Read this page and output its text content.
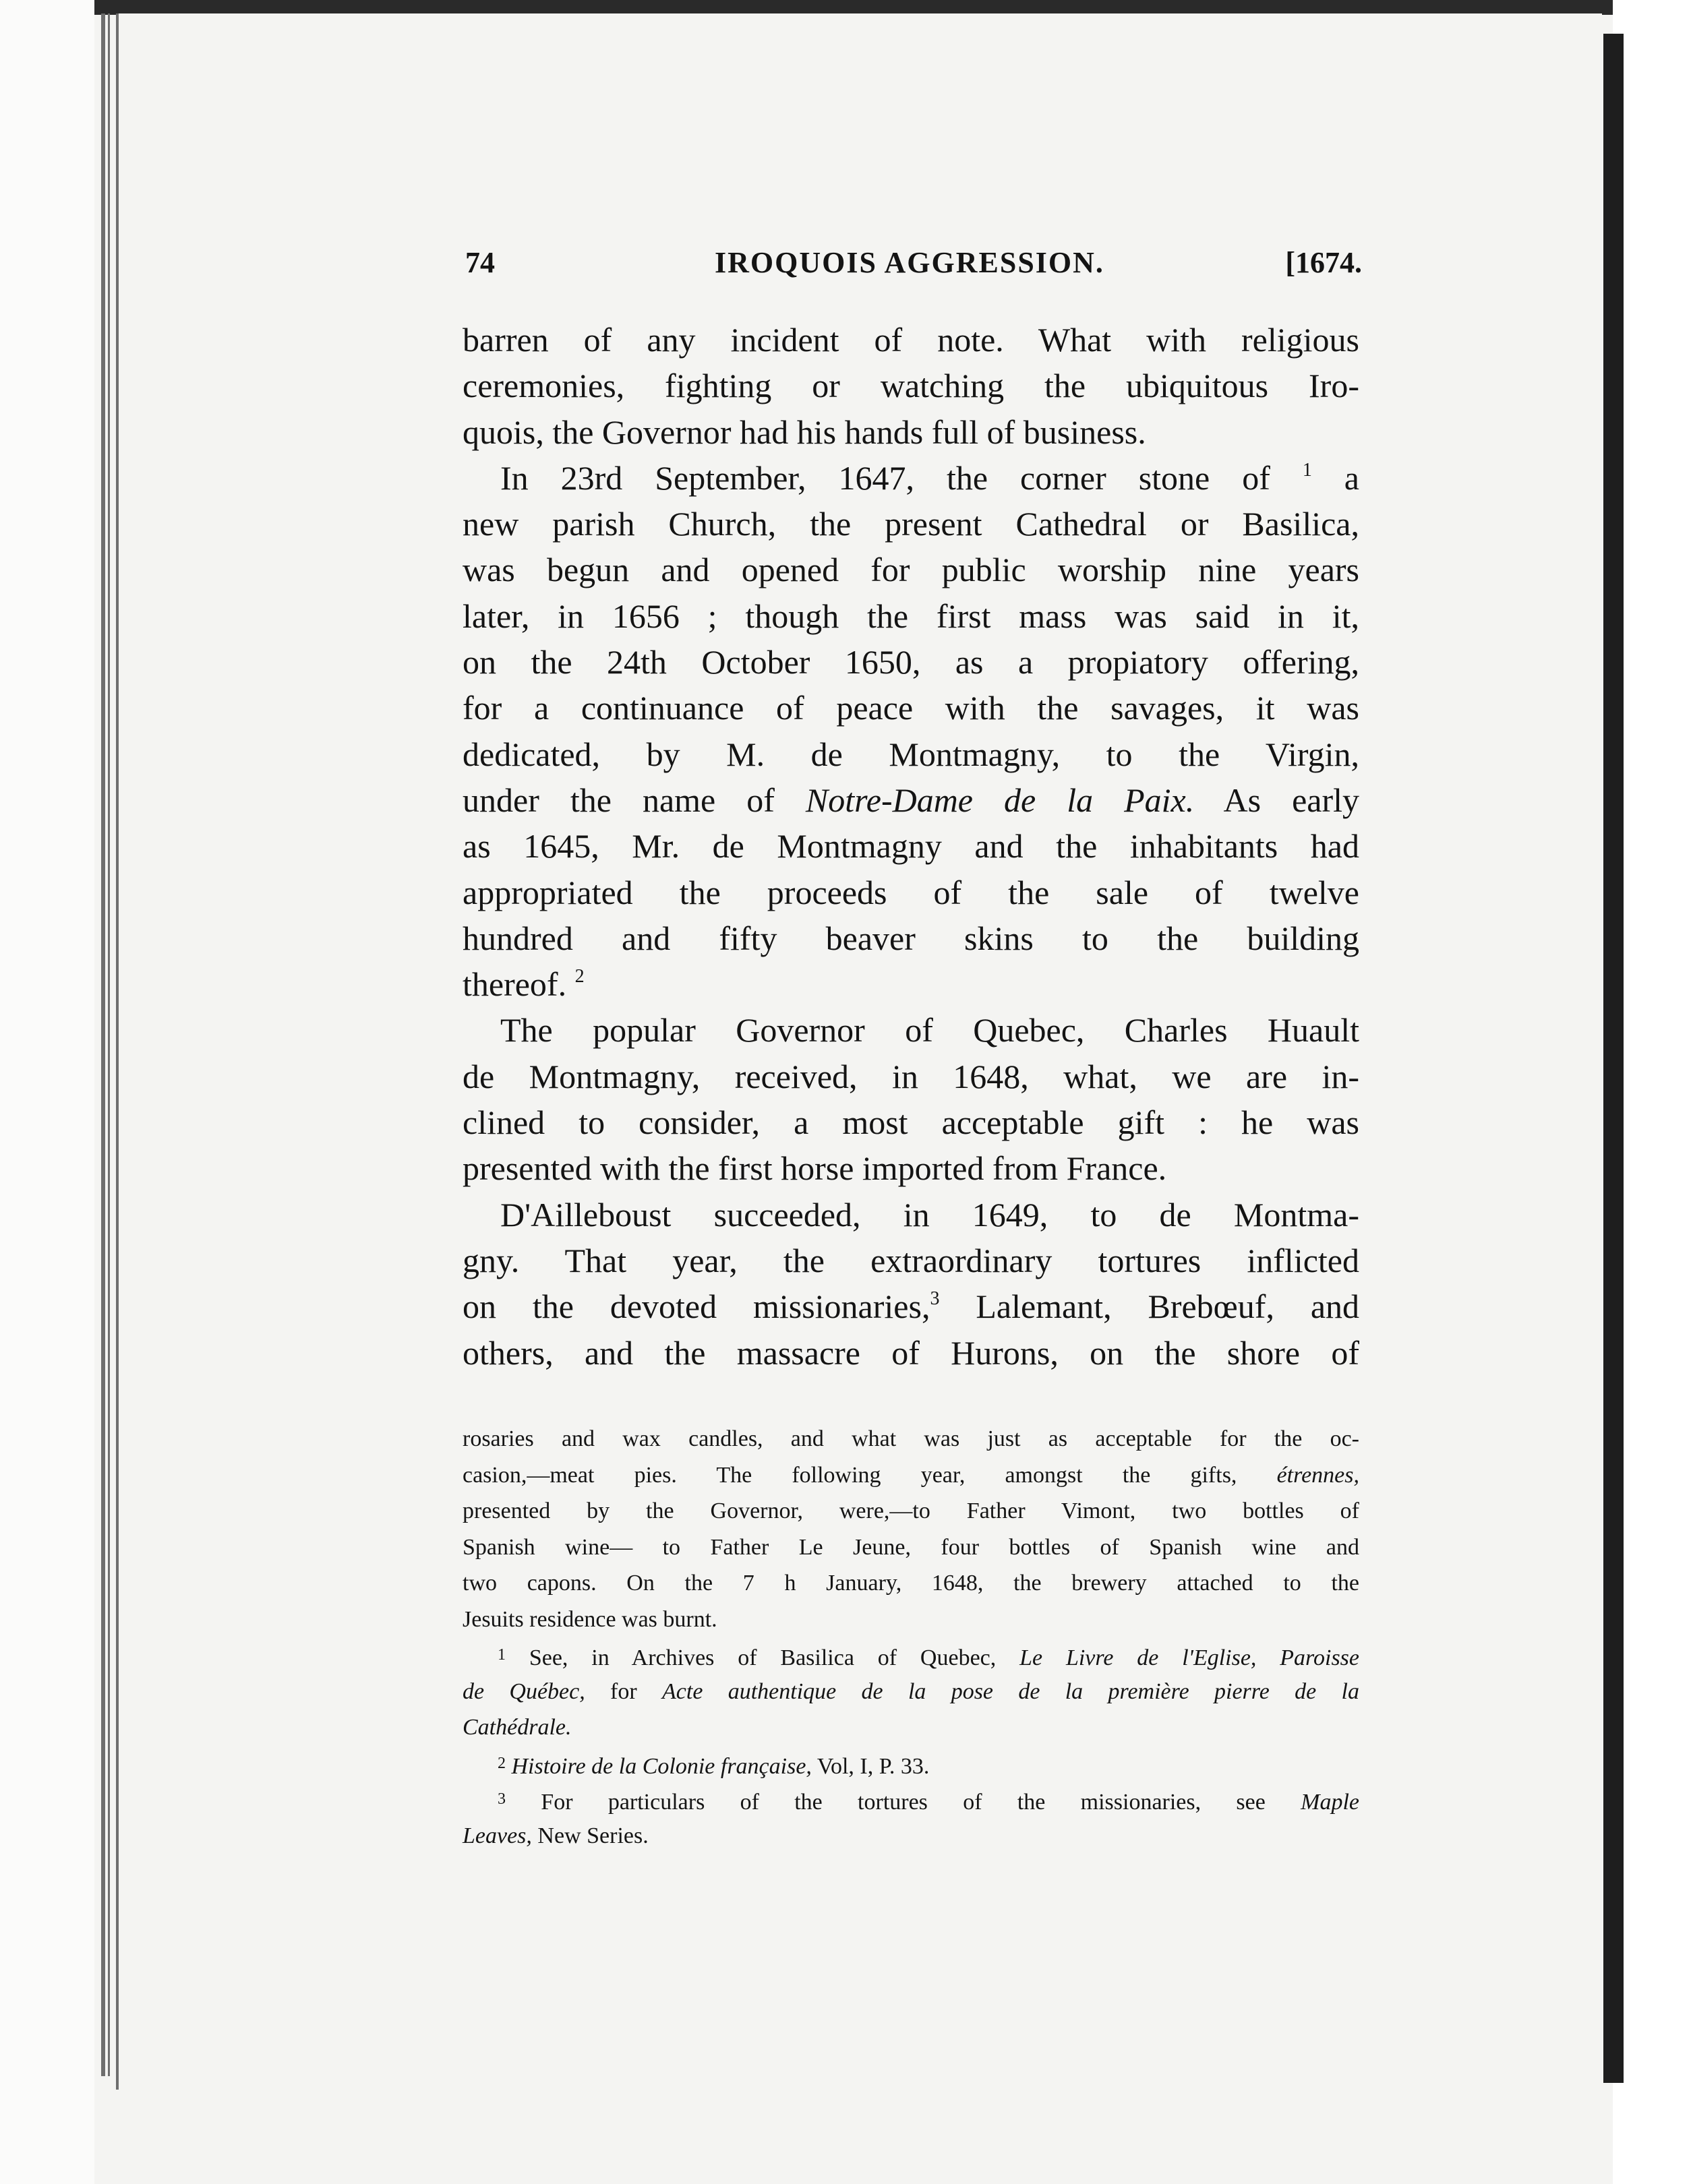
74	IROQUOIS AGGRESSION.	[1674.
barren of any incident of note. What with religious
ceremonies, fighting or watching the ubiquitous Iro-
quois, the Governor had his hands full of business.
In 23rd September, 1647, the corner stone of $^1$ a
new parish Church, the present Cathedral or Basilica,
was begun and opened for public worship nine years
later, in 1656 ; though the first mass was said in it,
on the 24th October 1650, as a propiatory offering,
for a continuance of peace with the savages, it was
dedicated, by M. de Montmagny, to the Virgin,
under the name of Notre-Dame de la Paix. As early
as 1645, Mr. de Montmagny and the inhabitants had
appropriated the proceeds of the sale of twelve
hundred and fifty beaver skins to the building
thereof. $^2$
The popular Governor of Quebec, Charles Huault
de Montmagny, received, in 1648, what, we are in-
clined to consider, a most acceptable gift : he was
presented with the first horse imported from France.
D'Ailleboust succeeded, in 1649, to de Montma-
gny. That year, the extraordinary tortures inflicted
on the devoted missionaries,$^3$ Lalemant, Brebœuf, and
others, and the massacre of Hurons, on the shore of
rosaries and wax candles, and what was just as acceptable for the oc-
casion,—meat pies. The following year, amongst the gifts, étrennes,
presented by the Governor, were,—to Father Vimont, two bottles of
Spanish wine— to Father Le Jeune, four bottles of Spanish wine and
two capons. On the 7 h January, 1648, the brewery attached to the
Jesuits residence was burnt.
$^1$ See, in Archives of Basilica of Quebec, Le Livre de l'Eglise, Paroisse
de Québec, for Acte authentique de la pose de la première pierre de la
Cathédrale.
$^2$ Histoire de la Colonie française, Vol, I, P. 33.
$^3$ For particulars of the tortures of the missionaries, see Maple
Leaves, New Series.
